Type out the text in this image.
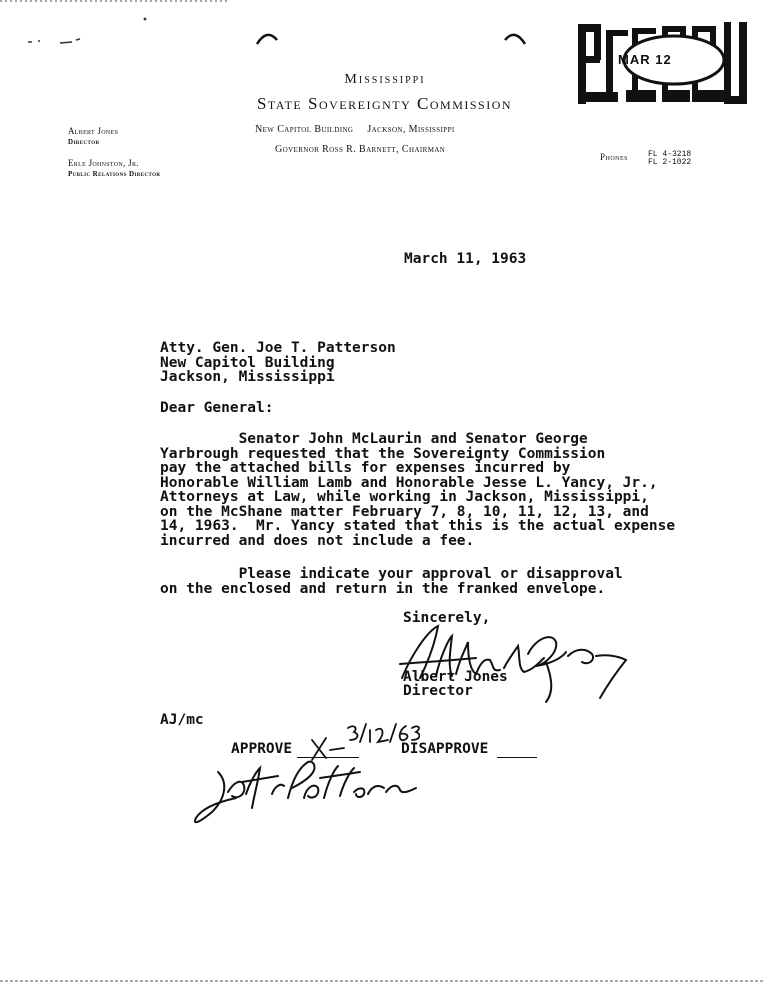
Mississippi
State Sovereignty Commission
New Capitol Building Jackson, Mississippi
Governor Ross R. Barnett, Chairman
Albert Jones
Director
Erle Johnston, Jr.
Public Relations Director
Phones FL 4-3218
FL 2-1022
MAR 12
March 11, 1963
Atty. Gen. Joe T. Patterson
New Capitol Building
Jackson, Mississippi
Dear General:
Senator John McLaurin and Senator George
Yarbrough requested that the Sovereignty Commission
pay the attached bills for expenses incurred by
Honorable William Lamb and Honorable Jesse L. Yancy, Jr.,
Attorneys at Law, while working in Jackson, Mississippi,
on the McShane matter February 7, 8, 10, 11, 12, 13, and
14, 1963.  Mr. Yancy stated that this is the actual expense
incurred and does not include a fee.
Please indicate your approval or disapproval
on the enclosed and return in the franked envelope.
Sincerely,
Albert Jones
Director
AJ/mc
APPROVE	DISAPPROVE
